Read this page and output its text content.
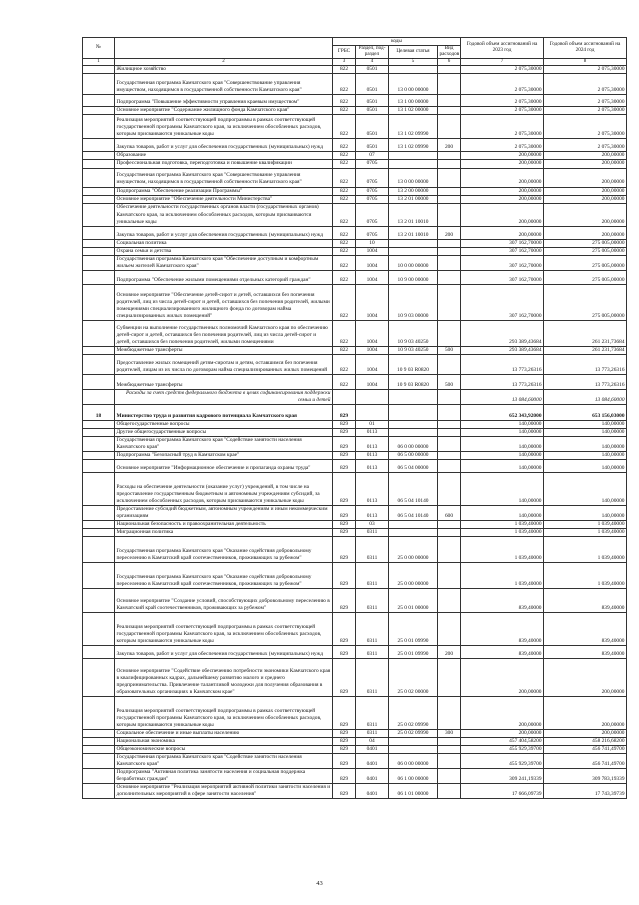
№		коды				Годовой объем ассигнований на 2023 год	Годовой объем ассигнований на 2024 год
		ГРБС	Раздел, под-раздел	Целевая статья	Вид расходов		
1	2	3	4	5	6	7	8
	Жилищное хозяйство	822	0501			2 075,30000	2 075,30000
	Государственная программа Камчатского края "Совершенствование управления имуществом, находящимся в государственной собственности Камчатского края"	822	0501	13 0 00 00000		2 075,30000	2 075,30000
	Подпрограмма "Повышение эффективности управления краевым имуществом"	822	0501	13 1 00 00000		2 075,30000	2 075,30000
	Основное мероприятие "Содержание жилищного фонда Камчатского края"	822	0501	13 1 02 00000		2 075,30000	2 075,30000
	Реализация мероприятий соответствующей подпрограммы в рамках соответствующей государственной программы Камчатского края, за исключением обособленных расходов, которым присваиваются уникальные коды	822	0501	13 1 02 09990		2 075,30000	2 075,30000
	Закупка товаров, работ и услуг для обеспечения государственных (муниципальных) нужд	822	0501	13 1 02 09990	200	2 075,30000	2 075,30000
	Образование	822	07			200,00000	200,00000
	Профессиональная подготовка, переподготовка и повышение квалификации	822	0705			200,00000	200,00000
	Государственная программа Камчатского края "Совершенствование управления имуществом, находящимся в государственной собственности Камчатского края"	822	0705	13 0 00 00000		200,00000	200,00000
	Подпрограмма "Обеспечение реализации Программы"	822	0705	13 2 00 00000		200,00000	200,00000
	Основное мероприятие "Обеспечение деятельности Министерства"	822	0705	13 2 01 00000		200,00000	200,00000
	Обеспечение деятельности государственных органов власти (государственных органов) Камчатского края, за исключением обособленных расходов, которым присваиваются уникальные коды	822	0705	13 2 01 10010		200,00000	200,00000
	Закупка товаров, работ и услуг для обеспечения государственных (муниципальных) нужд	822	0705	13 2 01 10010	200	200,00000	200,00000
	Социальная политика	822	10			307 162,70000	275 005,00000
	Охрана семьи и детства	822	1004			307 162,70000	275 005,00000
	Государственная программа Камчатского края "Обеспечение доступным и комфортным жильем жителей Камчатского края"	822	1004	10 0 00 00000		307 162,70000	275 005,00000
	Подпрограмма "Обеспечение жилыми помещениями отдельных категорий граждан"	822	1004	10 9 00 00000		307 162,70000	275 005,00000
	Основное мероприятие "Обеспечение детей-сирот и детей, оставшихся без попечения родителей, лиц из числа детей-сирот и детей, оставшихся без попечения родителей, жилыми помещениями специализированного жилищного фонда по договорам найма специализированных жилых помещений"	822	1004	10 9 03 00000		307 162,70000	275 005,00000
	Субвенции на выполнение государственных полномочий Камчатского края по обеспечению детей-сирот и детей, оставшихся без попечения родителей, лиц из числа детей-сирот и детей, оставшихся без попечения родителей, жилыми помещениями	822	1004	10 9 03 40250		293 389,43684	261 231,73684
	Межбюджетные трансферты	822	1004	10 9 03 40250	500	293 389,43684	261 231,73684
	Предоставление жилых помещений детям-сиротам и детям, оставшимся без попечения родителей, лицам из их числа по договорам найма специализированных жилых помещений	822	1004	10 9 03 R0820		13 773,26316	13 773,26316
	Межбюджетные трансферты	822	1004	10 9 03 R0820	500	13 773,26316	13 773,26316
	Расходы за счет средств федерального бюджета в целях софинансирования поддержки семьи и детей					13 084,60000	13 084,60000
18	Министерство труда и развития кадрового потенциала Камчатского края	829				652 343,92000	653 156,03000
	Общегосударственные вопросы	829	01			140,00000	140,00000
	Другие общегосударственные вопросы	829	0113			140,00000	140,00000
	Государственная программа Камчатского края "Содействие занятости населения Камчатского края"	829	0113	06 0 00 00000		140,00000	140,00000
	Подпрограмма "Безопасный труд в Камчатском крае"	829	0113	06 5 00 00000		140,00000	140,00000
	Основное мероприятие "Информационное обеспечение и пропаганда охраны труда"	829	0113	06 5 04 00000		140,00000	140,00000
	Расходы на обеспечение деятельности (оказание услуг) учреждений, в том числе на предоставление государственным бюджетным и автономным учреждениям субсидий, за исключением обособленных расходов, которым присваиваются уникальные коды	829	0113	06 5 04 10140		140,00000	140,00000
	Предоставление субсидий бюджетным, автономным учреждениям и иным некоммерческим организациям	829	0113	06 5 04 10140	600	140,00000	140,00000
	Национальная безопасность и правоохранительная деятельность	829	03			1 039,40000	1 039,40000
	Миграционная политика	829	0311			1 039,40000	1 039,40000
	Государственная программа Камчатского края "Оказание содействия добровольному переселению в Камчатский край соотечественников, проживающих за рубежом"	829	0311	25 0 00 00000		1 039,40000	1 039,40000
	Государственная программа Камчатского края "Оказание содействия добровольному переселению в Камчатский край соотечественников, проживающих за рубежом"	829	0311	25 0 00 00000		1 039,40000	1 039,40000
	Основное мероприятие "Создание условий, способствующих добровольному переселению в Камчатский край соотечественников, проживающих за рубежом"	829	0311	25 0 01 00000		839,40000	839,40000
	Реализация мероприятий соответствующей подпрограммы в рамках соответствующей государственной программы Камчатского края, за исключением обособленных расходов, которым присваиваются уникальные коды	829	0311	25 0 01 09990		839,40000	839,40000
	Закупка товаров, работ и услуг для обеспечения государственных (муниципальных) нужд	829	0311	25 0 01 09990	200	839,40000	839,40000
	Основное мероприятие "Содействие обеспечению потребности экономики Камчатского края в квалифицированных кадрах, дальнейшему развитию малого и среднего предпринимательства. Привлечение талантливой молодежи для получения образования в образовательных организациях в Камчатском крае"	829	0311	25 0 02 00000		200,00000	200,00000
	Реализация мероприятий соответствующей подпрограммы в рамках соответствующей государственной программы Камчатского края, за исключением обособленных расходов, которым присваиваются уникальные коды	829	0311	25 0 02 09990		200,00000	200,00000
	Социальное обеспечение и иные выплаты населению	829	0311	25 0 02 09990	300	200,00000	200,00000
	Национальная экономика	829	04			457 404,58200	458 216,68200
	Общеэкономические вопросы	829	0401			455 929,39700	456 741,49700
	Государственная программа Камчатского края "Содействие занятости населения Камчатского края"	829	0401	06 0 00 00000		455 929,39700	456 741,49700
	Подпрограмма "Активная политика занятости населения и социальная поддержка безработных граждан"	829	0401	06 1 00 00000		309 241,19339	309 783,19339
	Основное мероприятие "Реализация мероприятий активной политики занятости населения и дополнительных мероприятий в сфере занятости населения"	829	0401	06 1 01 00000		17 666,09739	17 743,39739
43
